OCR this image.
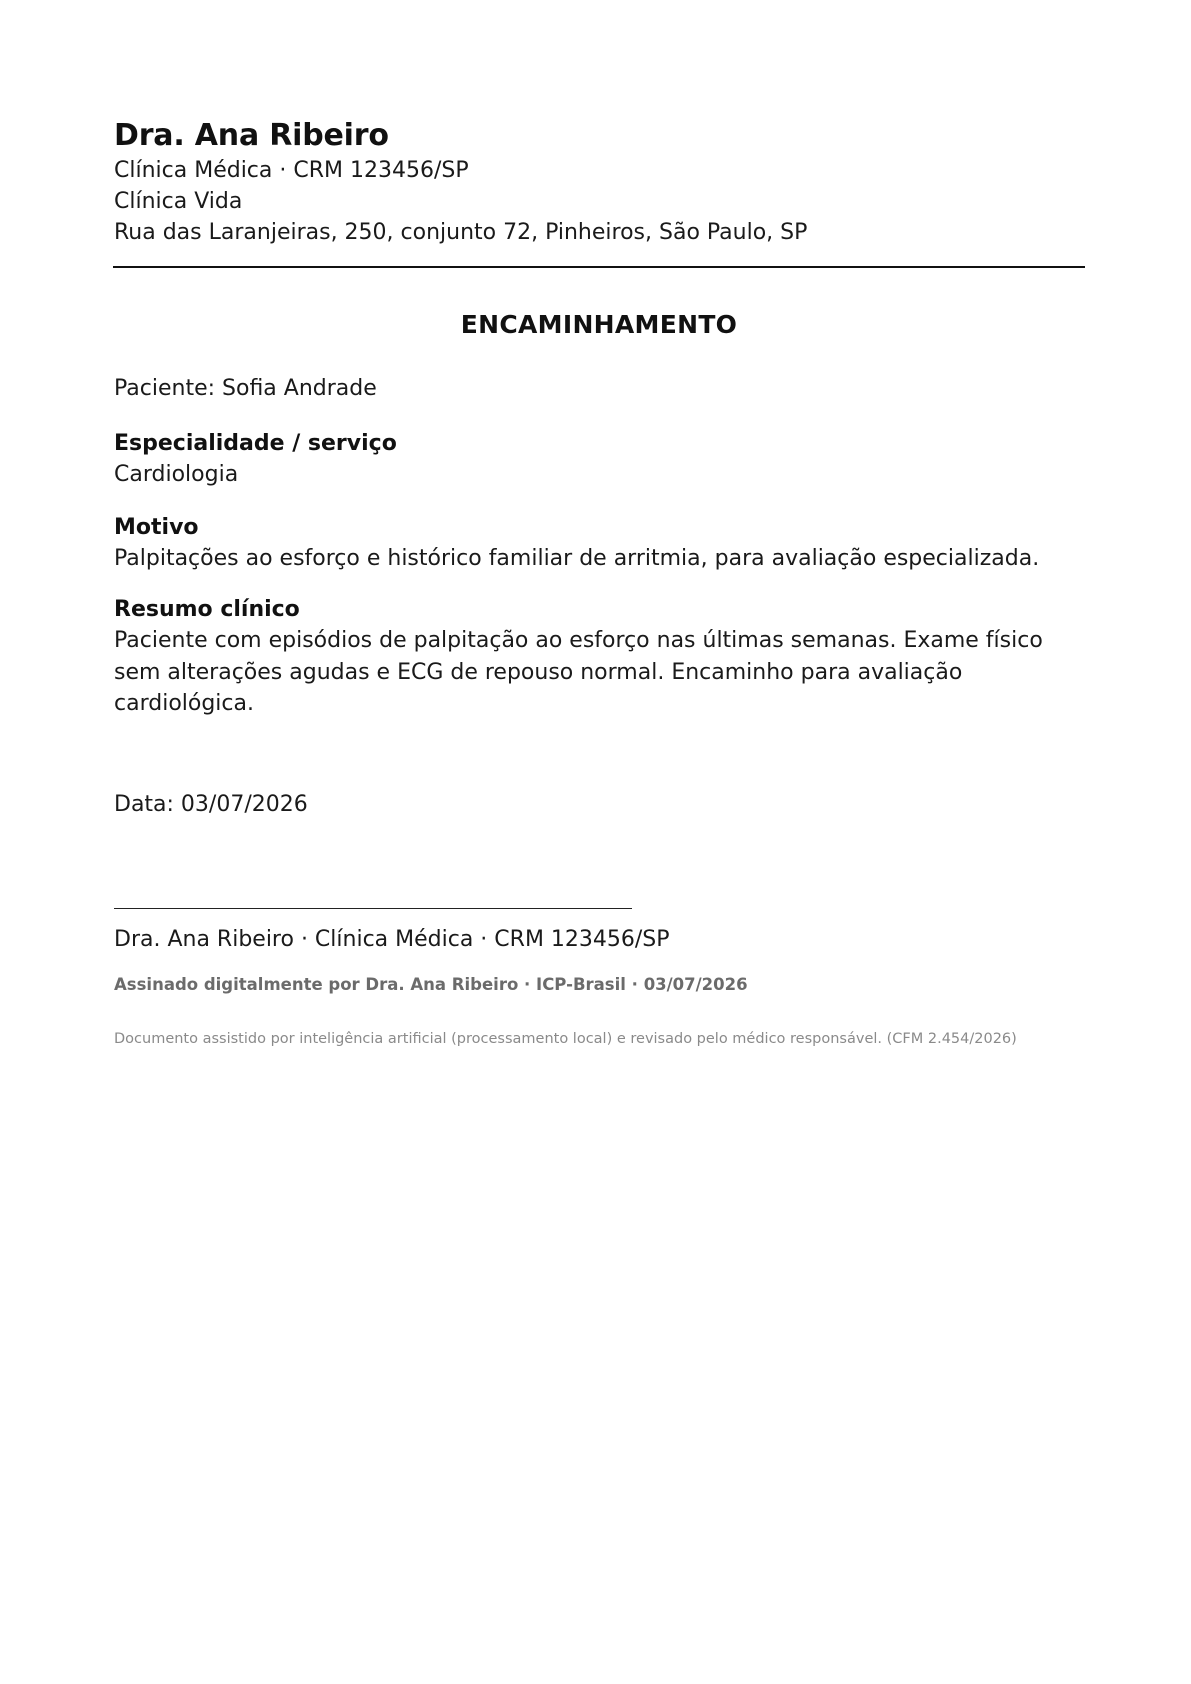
Dra. Ana Ribeiro
Clínica Médica · CRM 123456/SP
Clínica Vida
Rua das Laranjeiras, 250, conjunto 72, Pinheiros, São Paulo, SP
ENCAMINHAMENTO
Paciente: Sofia Andrade
Especialidade / serviço
Cardiologia
Motivo
Palpitações ao esforço e histórico familiar de arritmia, para avaliação especializada.
Resumo clínico
Paciente com episódios de palpitação ao esforço nas últimas semanas. Exame físico sem alterações agudas e ECG de repouso normal. Encaminho para avaliação cardiológica.
Data: 03/07/2026
Dra. Ana Ribeiro · Clínica Médica · CRM 123456/SP
Assinado digitalmente por Dra. Ana Ribeiro · ICP-Brasil · 03/07/2026
Documento assistido por inteligência artificial (processamento local) e revisado pelo médico responsável. (CFM 2.454/2026)
